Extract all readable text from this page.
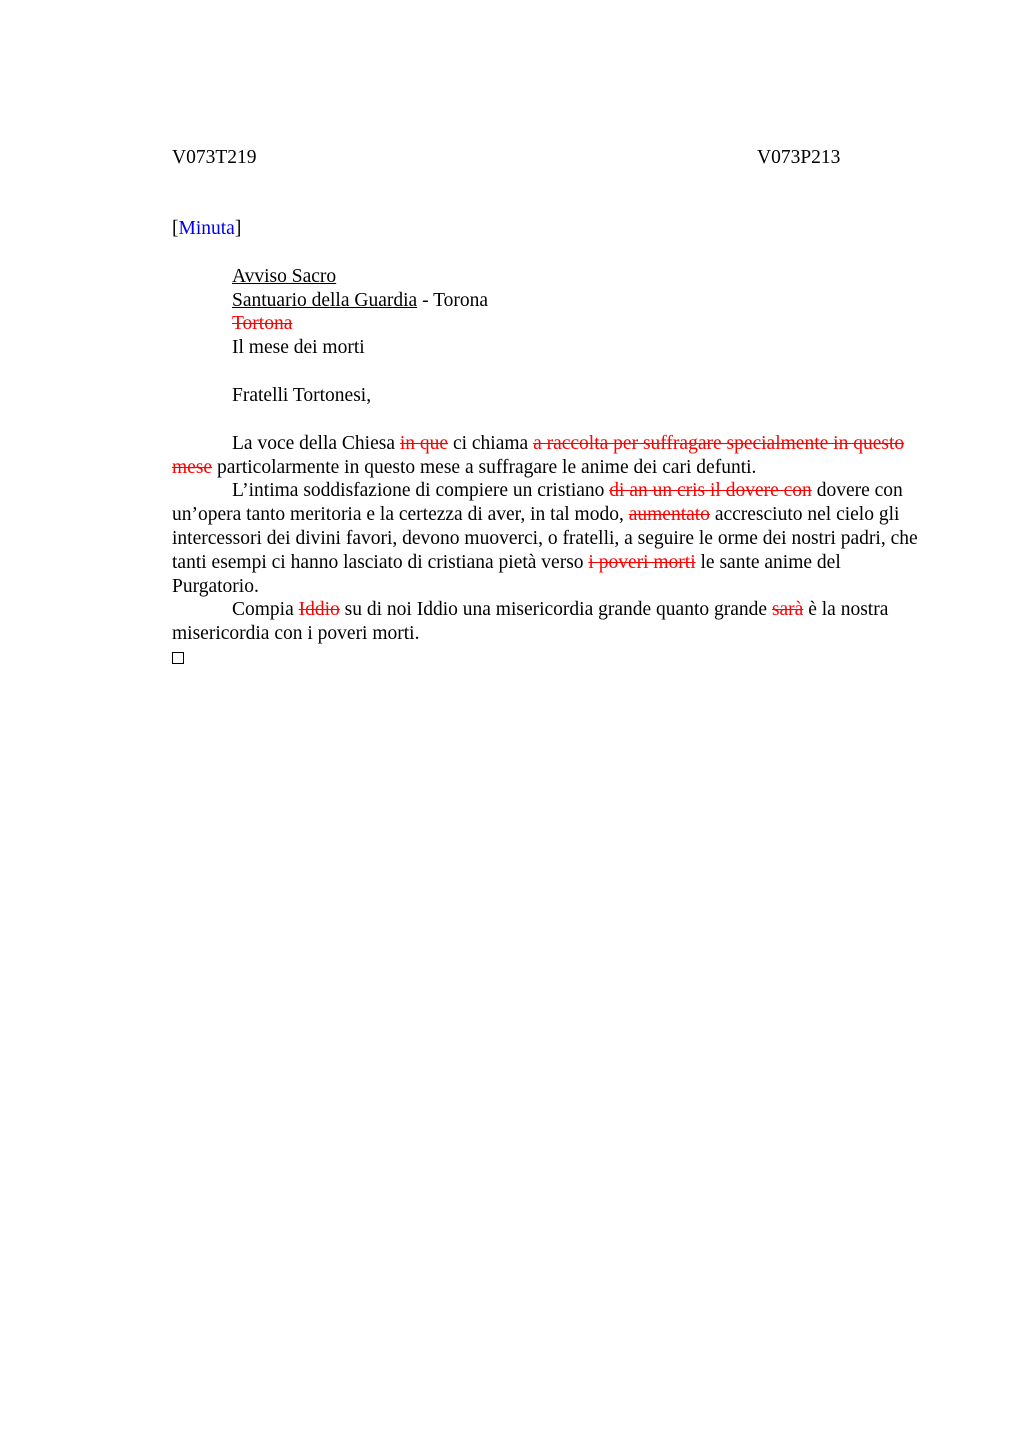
V073T219	V073P213
[Minuta]
Avviso Sacro
Santuario della Guardia - Torona
Tortona
Il mese dei morti
Fratelli Tortonesi,

La voce della Chiesa in que ci chiama a raccolta per suffragare specialmente in questo mese particolarmente in questo mese a suffragare le anime dei cari defunti.

L’intima soddisfazione di compiere un cristiano di an un cris il dovere con dovere con un’opera tanto meritoria e la certezza di aver, in tal modo, aumentato accresciuto nel cielo gli intercessori dei divini favori, devono muoverci, o fratelli, a seguire le orme dei nostri padri, che tanti esempi ci hanno lasciato di cristiana pietà verso i poveri morti le sante anime del Purgatorio.

Compia Iddio su di noi Iddio una misericordia grande quanto grande sarà è la nostra misericordia con i poveri morti.
